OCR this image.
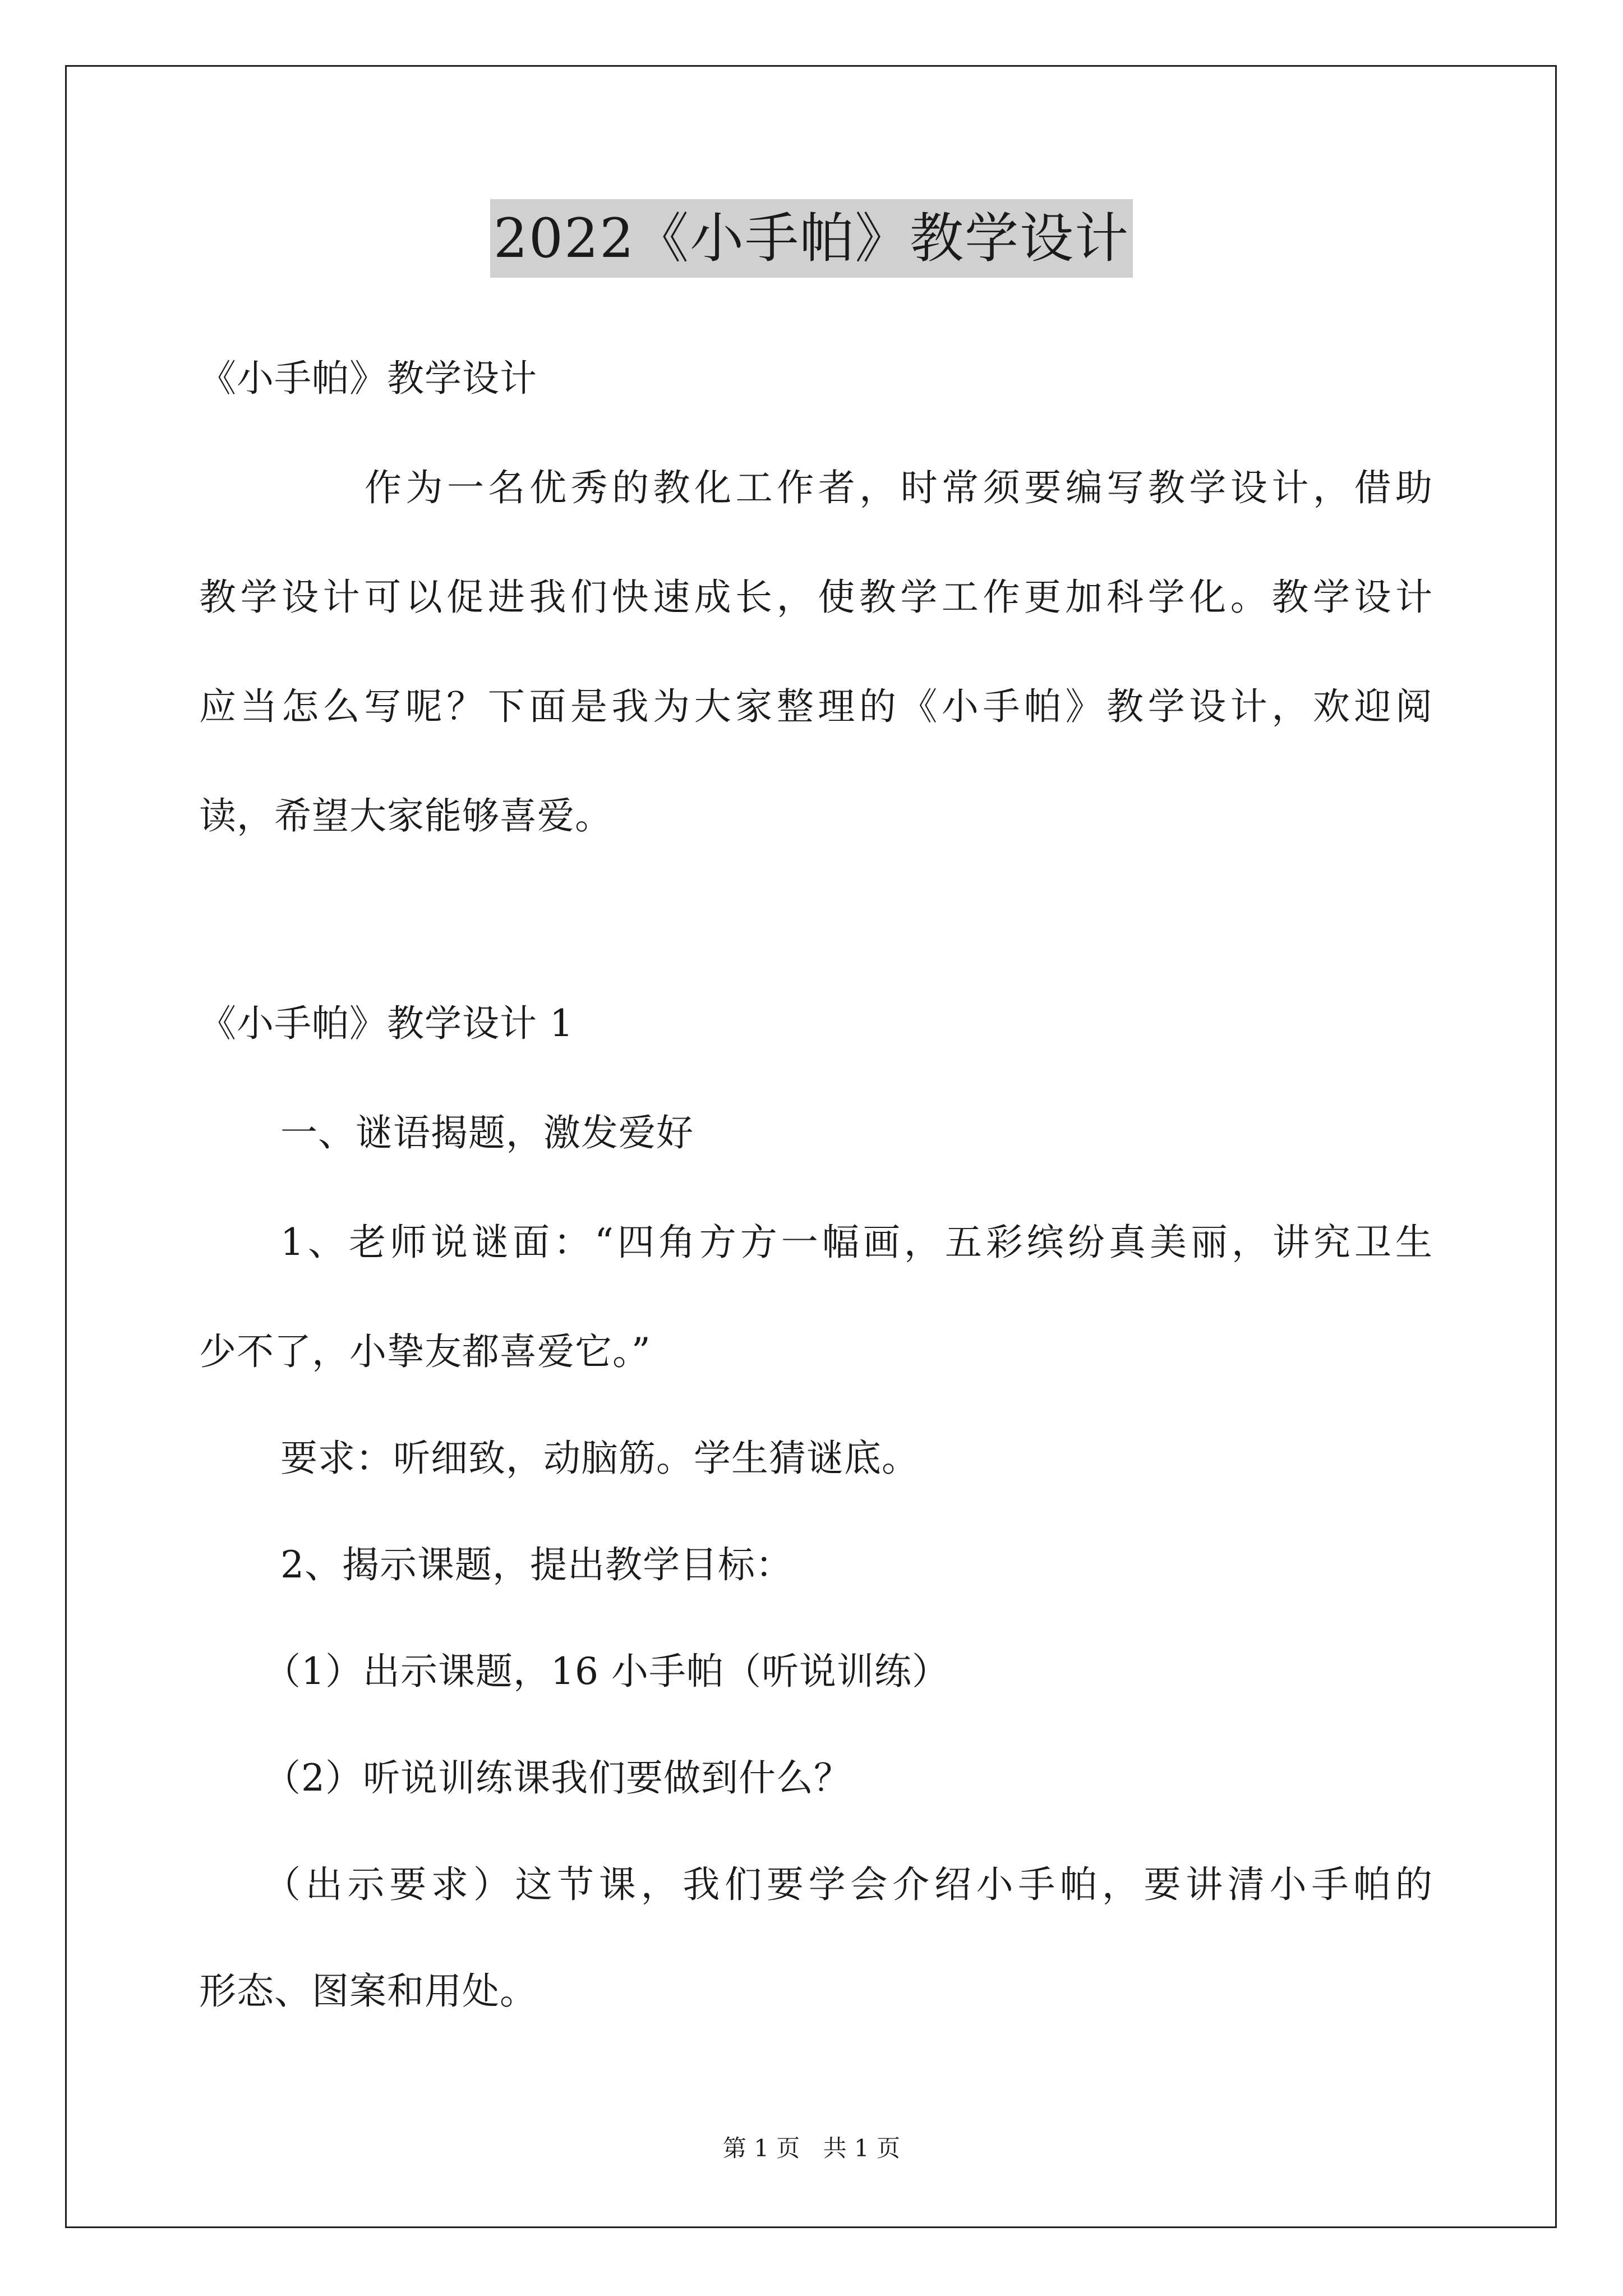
2022《小手帕》教学设计
《小手帕》教学设计
作为一名优秀的教化工作者，时常须要编写教学设计，借助
教学设计可以促进我们快速成长，使教学工作更加科学化。教学设计
应当怎么写呢？下面是我为大家整理的《小手帕》教学设计，欢迎阅
读，希望大家能够喜爱。
《小手帕》教学设计 1
一、谜语揭题，激发爱好
1、老师说谜面：“四角方方一幅画，五彩缤纷真美丽，讲究卫生
少不了，小挚友都喜爱它。”
要求：听细致，动脑筋。学生猜谜底。
2、揭示课题，提出教学目标：
（1）出示课题，16 小手帕（听说训练）
（2）听说训练课我们要做到什么？
（出示要求）这节课，我们要学会介绍小手帕，要讲清小手帕的
形态、图案和用处。
第 1 页 共 1 页
